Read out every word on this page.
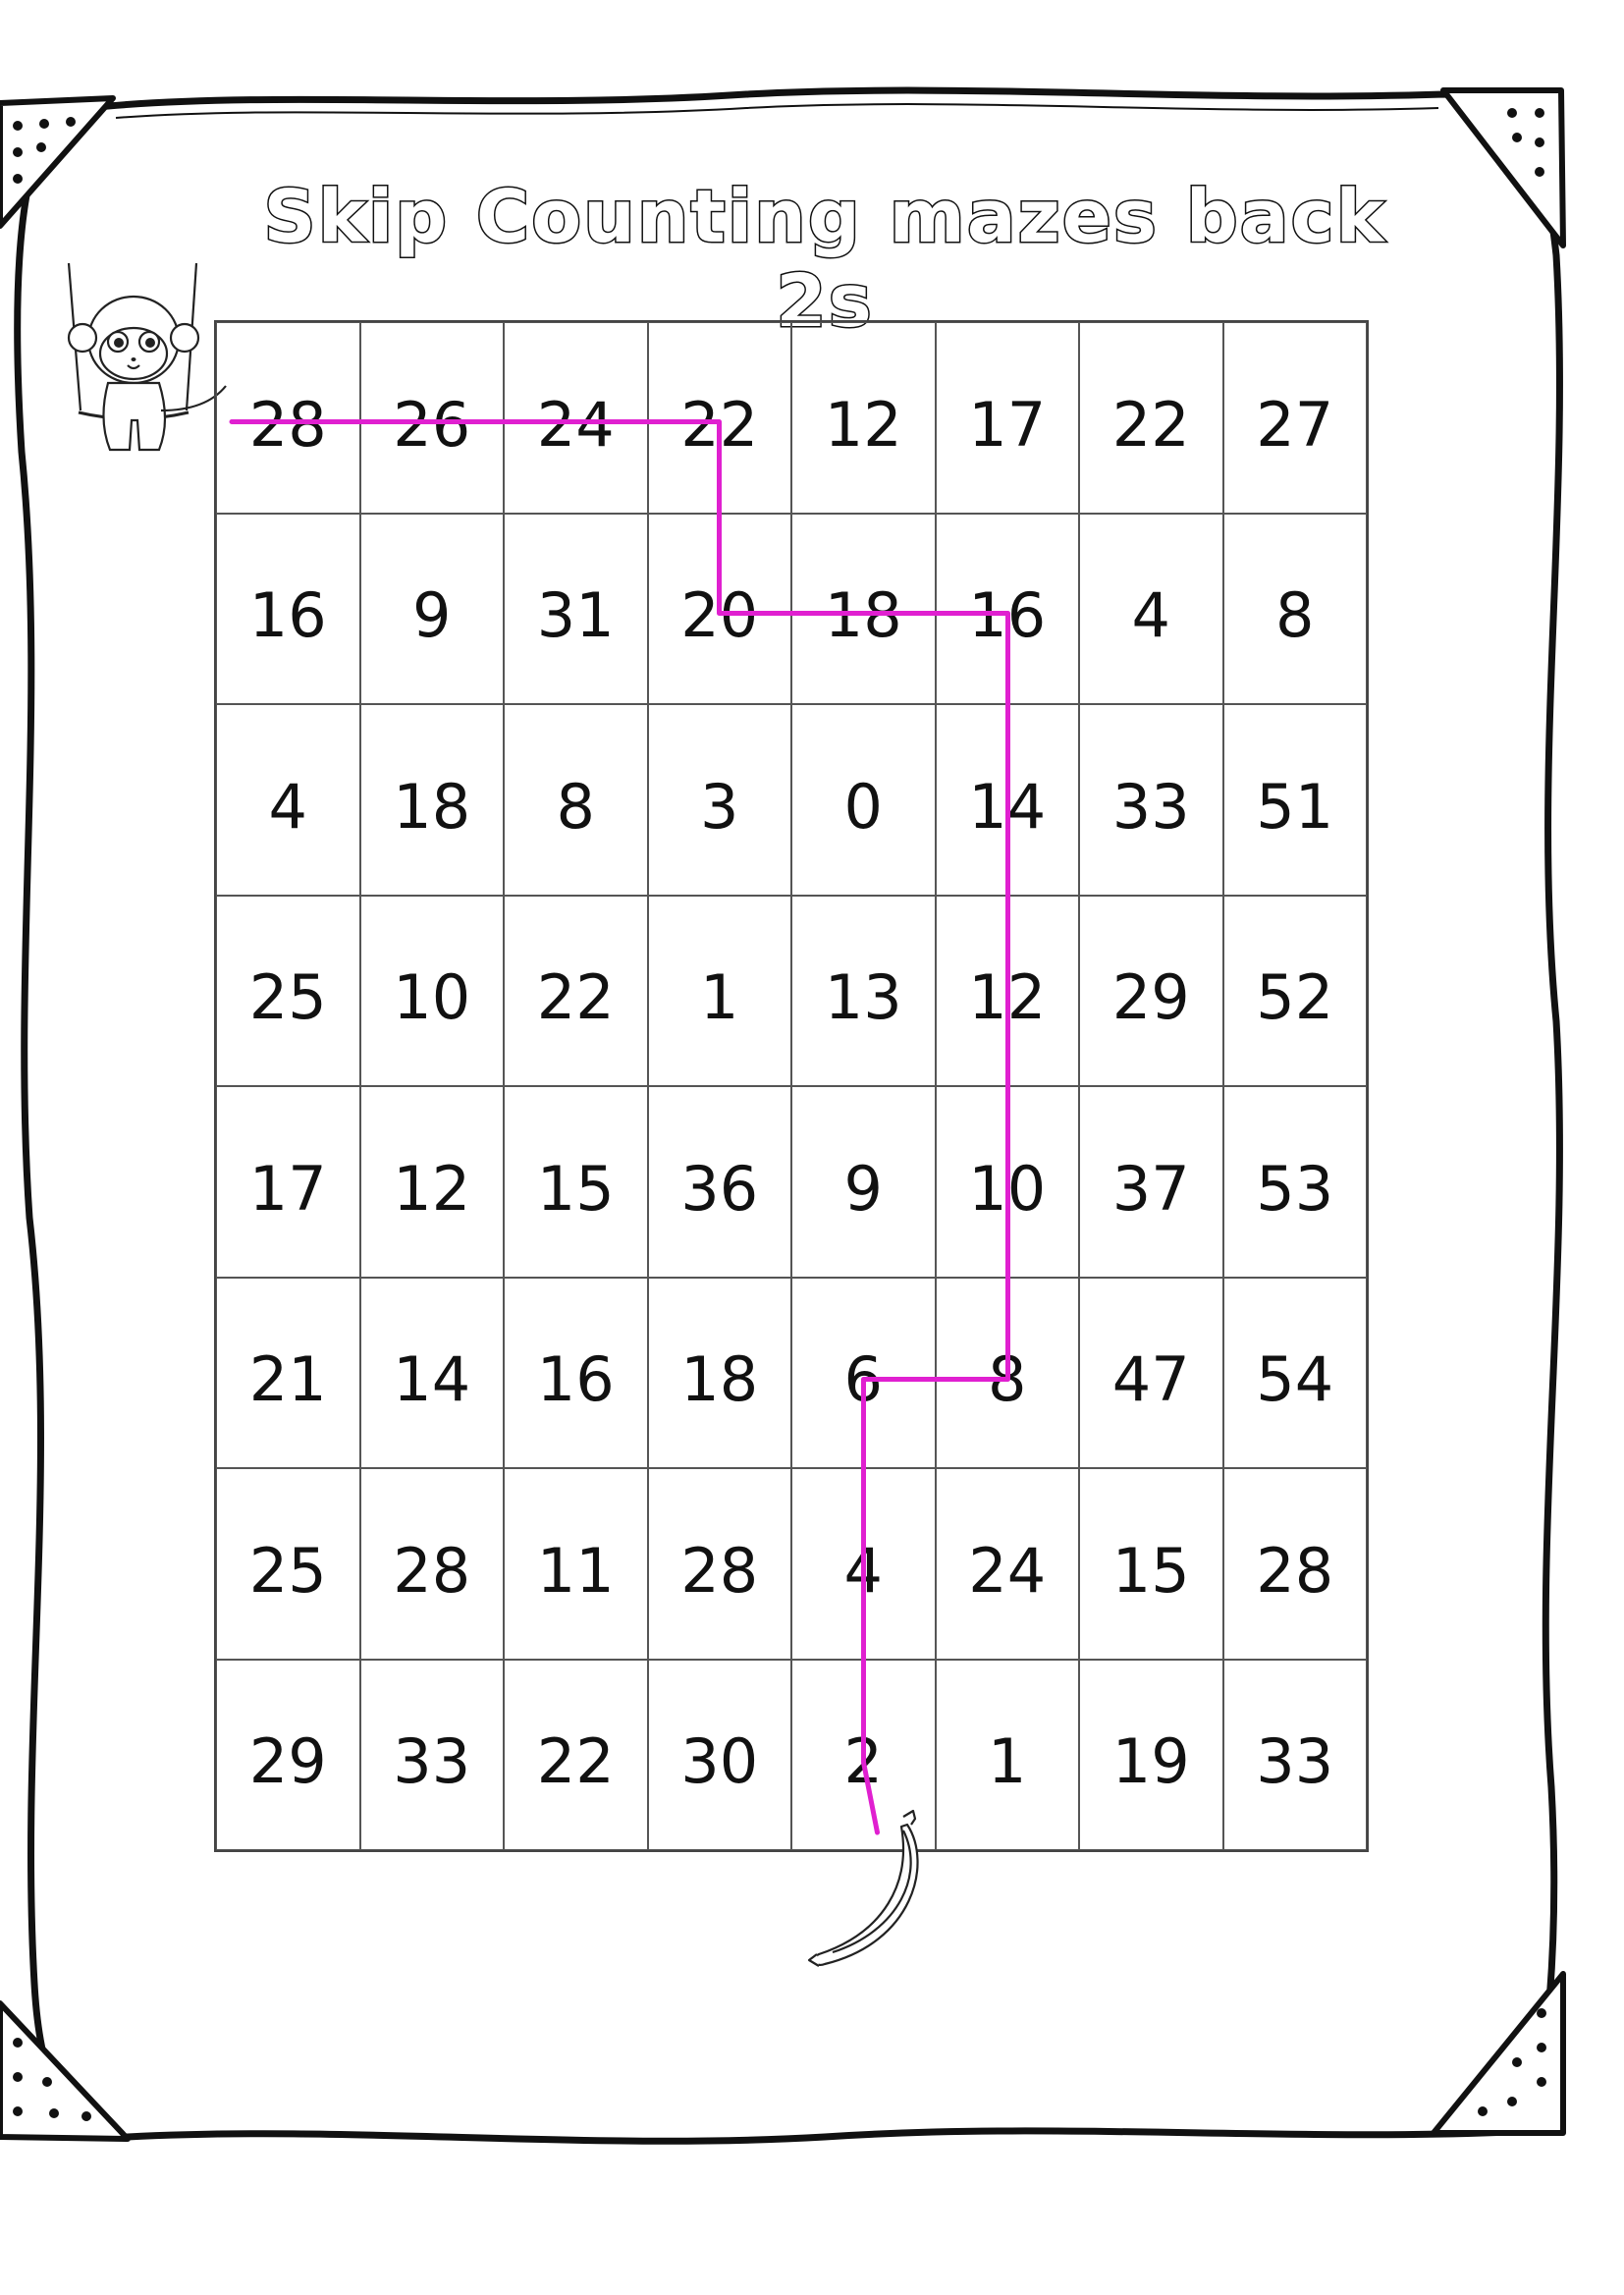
Skip Counting mazes back 2s
28	26	24	22	12	17	22	27
16	9	31	20	18	16	4	8
4	18	8	3	0	14	33	51
25	10	22	1	13	12	29	52
17	12	15	36	9	10	37	53
21	14	16	18	6	8	47	54
25	28	11	28	4	24	15	28
29	33	22	30	2	1	19	33
